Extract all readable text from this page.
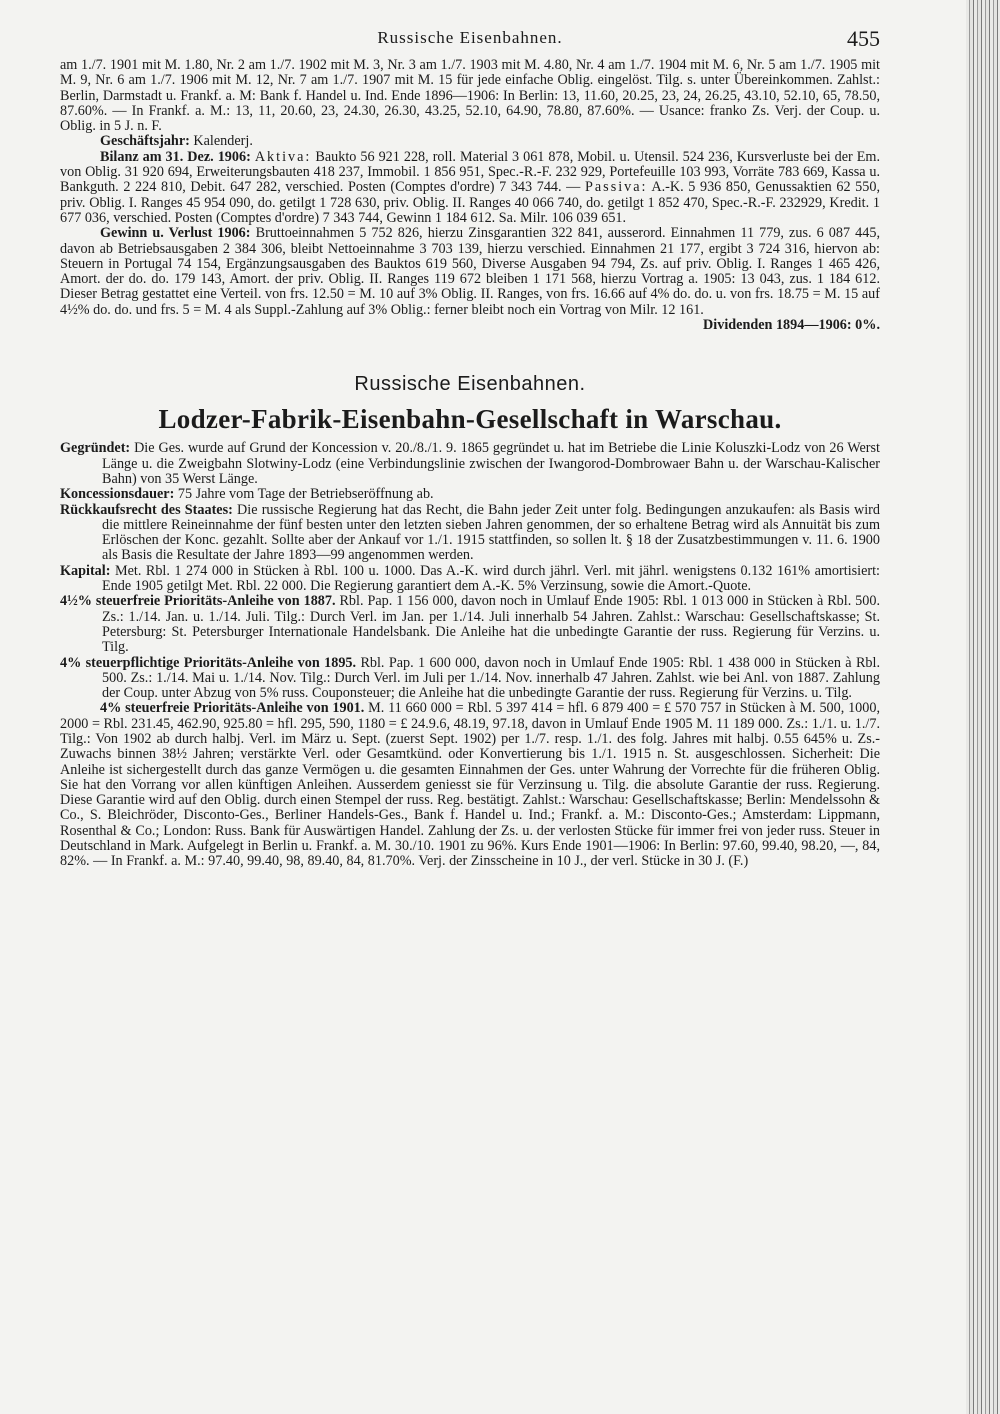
Russische Eisenbahnen.	455

am 1./7. 1901 mit M. 1.80, Nr. 2 am 1./7. 1902 mit M. 3, Nr. 3 am 1./7. 1903 mit M. 4.80, Nr. 4 am 1./7. 1904 mit M. 6, Nr. 5 am 1./7. 1905 mit M. 9, Nr. 6 am 1./7. 1906 mit M. 12, Nr. 7 am 1./7. 1907 mit M. 15 für jede einfache Oblig. eingelöst. Tilg. s. unter Übereinkommen. Zahlst.: Berlin, Darmstadt u. Frankf. a. M: Bank f. Handel u. Ind. Ende 1896—1906: In Berlin: 13, 11.60, 20.25, 23, 24, 26.25, 43.10, 52.10, 65, 78.50, 87.60%. — In Frankf. a. M.: 13, 11, 20.60, 23, 24.30, 26.30, 43.25, 52.10, 64.90, 78.80, 87.60%. — Usance: franko Zs. Verj. der Coup. u. Oblig. in 5 J. n. F.

Geschäftsjahr: Kalenderj.

Bilanz am 31. Dez. 1906: Aktiva: Baukto 56 921 228, roll. Material 3 061 878, Mobil. u. Utensil. 524 236, Kursverluste bei der Em. von Oblig. 31 920 694, Erweiterungsbauten 418 237, Immobil. 1 856 951, Spec.-R.-F. 232 929, Portefeuille 103 993, Vorräte 783 669, Kassa u. Bankguth. 2 224 810, Debit. 647 282, verschied. Posten (Comptes d'ordre) 7 343 744. — Passiva: A.-K. 5 936 850, Genussaktien 62 550, priv. Oblig. I. Ranges 45 954 090, do. getilgt 1 728 630, priv. Oblig. II. Ranges 40 066 740, do. getilgt 1 852 470, Spec.-R.-F. 232929, Kredit. 1 677 036, verschied. Posten (Comptes d'ordre) 7 343 744, Gewinn 1 184 612. Sa. Milr. 106 039 651.

Gewinn u. Verlust 1906: Bruttoeinnahmen 5 752 826, hierzu Zinsgarantien 322 841, ausserord. Einnahmen 11 779, zus. 6 087 445, davon ab Betriebsausgaben 2 384 306, bleibt Nettoeinnahme 3 703 139, hierzu verschied. Einnahmen 21 177, ergibt 3 724 316, hiervon ab: Steuern in Portugal 74 154, Ergänzungsausgaben des Bauktos 619 560, Diverse Ausgaben 94 794, Zs. auf priv. Oblig. I. Ranges 1 465 426, Amort. der do. do. 179 143, Amort. der priv. Oblig. II. Ranges 119 672 bleiben 1 171 568, hierzu Vortrag a. 1905: 13 043, zus. 1 184 612. Dieser Betrag gestattet eine Verteil. von frs. 12.50 = M. 10 auf 3% Oblig. II. Ranges, von frs. 16.66 auf 4% do. do. u. von frs. 18.75 = M. 15 auf 4½% do. do. und frs. 5 = M. 4 als Suppl.-Zahlung auf 3% Oblig.: ferner bleibt noch ein Vortrag von Milr. 12 161.

Dividenden 1894—1906: 0%.

Russische Eisenbahnen.
Lodzer-Fabrik-Eisenbahn-Gesellschaft in Warschau.

Gegründet: Die Ges. wurde auf Grund der Koncession v. 20./8./1. 9. 1865 gegründet u. hat im Betriebe die Linie Koluszki-Lodz von 26 Werst Länge u. die Zweigbahn Slotwiny-Lodz (eine Verbindungslinie zwischen der Iwangorod-Dombrowaer Bahn u. der Warschau-Kalischer Bahn) von 35 Werst Länge.

Koncessionsdauer: 75 Jahre vom Tage der Betriebseröffnung ab.

Rückkaufsrecht des Staates: Die russische Regierung hat das Recht, die Bahn jeder Zeit unter folg. Bedingungen anzukaufen: als Basis wird die mittlere Reineinnahme der fünf besten unter den letzten sieben Jahren genommen, der so erhaltene Betrag wird als Annuität bis zum Erlöschen der Konc. gezahlt. Sollte aber der Ankauf vor 1./1. 1915 stattfinden, so sollen lt. § 18 der Zusatzbestimmungen v. 11. 6. 1900 als Basis die Resultate der Jahre 1893—99 angenommen werden.

Kapital: Met. Rbl. 1 274 000 in Stücken à Rbl. 100 u. 1000. Das A.-K. wird durch jährl. Verl. mit jährl. wenigstens 0.132 161% amortisiert: Ende 1905 getilgt Met. Rbl. 22 000. Die Regierung garantiert dem A.-K. 5% Verzinsung, sowie die Amort.-Quote.

4½% steuerfreie Prioritäts-Anleihe von 1887. Rbl. Pap. 1 156 000, davon noch in Umlauf Ende 1905: Rbl. 1 013 000 in Stücken à Rbl. 500. Zs.: 1./14. Jan. u. 1./14. Juli. Tilg.: Durch Verl. im Jan. per 1./14. Juli innerhalb 54 Jahren. Zahlst.: Warschau: Gesellschaftskasse; St. Petersburg: St. Petersburger Internationale Handelsbank. Die Anleihe hat die unbedingte Garantie der russ. Regierung für Verzins. u. Tilg.

4% steuerpflichtige Prioritäts-Anleihe von 1895. Rbl. Pap. 1 600 000, davon noch in Umlauf Ende 1905: Rbl. 1 438 000 in Stücken à Rbl. 500. Zs.: 1./14. Mai u. 1./14. Nov. Tilg.: Durch Verl. im Juli per 1./14. Nov. innerhalb 47 Jahren. Zahlst. wie bei Anl. von 1887. Zahlung der Coup. unter Abzug von 5% russ. Couponsteuer; die Anleihe hat die unbedingte Garantie der russ. Regierung für Verzins. u. Tilg.

4% steuerfreie Prioritäts-Anleihe von 1901. M. 11 660 000 = Rbl. 5 397 414 = hfl. 6 879 400 = £ 570 757 in Stücken à M. 500, 1000, 2000 = Rbl. 231.45, 462.90, 925.80 = hfl. 295, 590, 1180 = £ 24.9.6, 48.19, 97.18, davon in Umlauf Ende 1905 M. 11 189 000. Zs.: 1./1. u. 1./7. Tilg.: Von 1902 ab durch halbj. Verl. im März u. Sept. (zuerst Sept. 1902) per 1./7. resp. 1./1. des folg. Jahres mit halbj. 0.55 645% u. Zs.-Zuwachs binnen 38½ Jahren; verstärkte Verl. oder Gesamtkünd. oder Konvertierung bis 1./1. 1915 n. St. ausgeschlossen. Sicherheit: Die Anleihe ist sichergestellt durch das ganze Vermögen u. die gesamten Einnahmen der Ges. unter Wahrung der Vorrechte für die früheren Oblig. Sie hat den Vorrang vor allen künftigen Anleihen. Ausserdem geniesst sie für Verzinsung u. Tilg. die absolute Garantie der russ. Regierung. Diese Garantie wird auf den Oblig. durch einen Stempel der russ. Reg. bestätigt. Zahlst.: Warschau: Gesellschaftskasse; Berlin: Mendelssohn & Co., S. Bleichröder, Disconto-Ges., Berliner Handels-Ges., Bank f. Handel u. Ind.; Frankf. a. M.: Disconto-Ges.; Amsterdam: Lippmann, Rosenthal & Co.; London: Russ. Bank für Auswärtigen Handel. Zahlung der Zs. u. der verlosten Stücke für immer frei von jeder russ. Steuer in Deutschland in Mark. Aufgelegt in Berlin u. Frankf. a. M. 30./10. 1901 zu 96%. Kurs Ende 1901—1906: In Berlin: 97.60, 99.40, 98.20, —, 84, 82%. — In Frankf. a. M.: 97.40, 99.40, 98, 89.40, 84, 81.70%. Verj. der Zinsscheine in 10 J., der verl. Stücke in 30 J. (F.)
